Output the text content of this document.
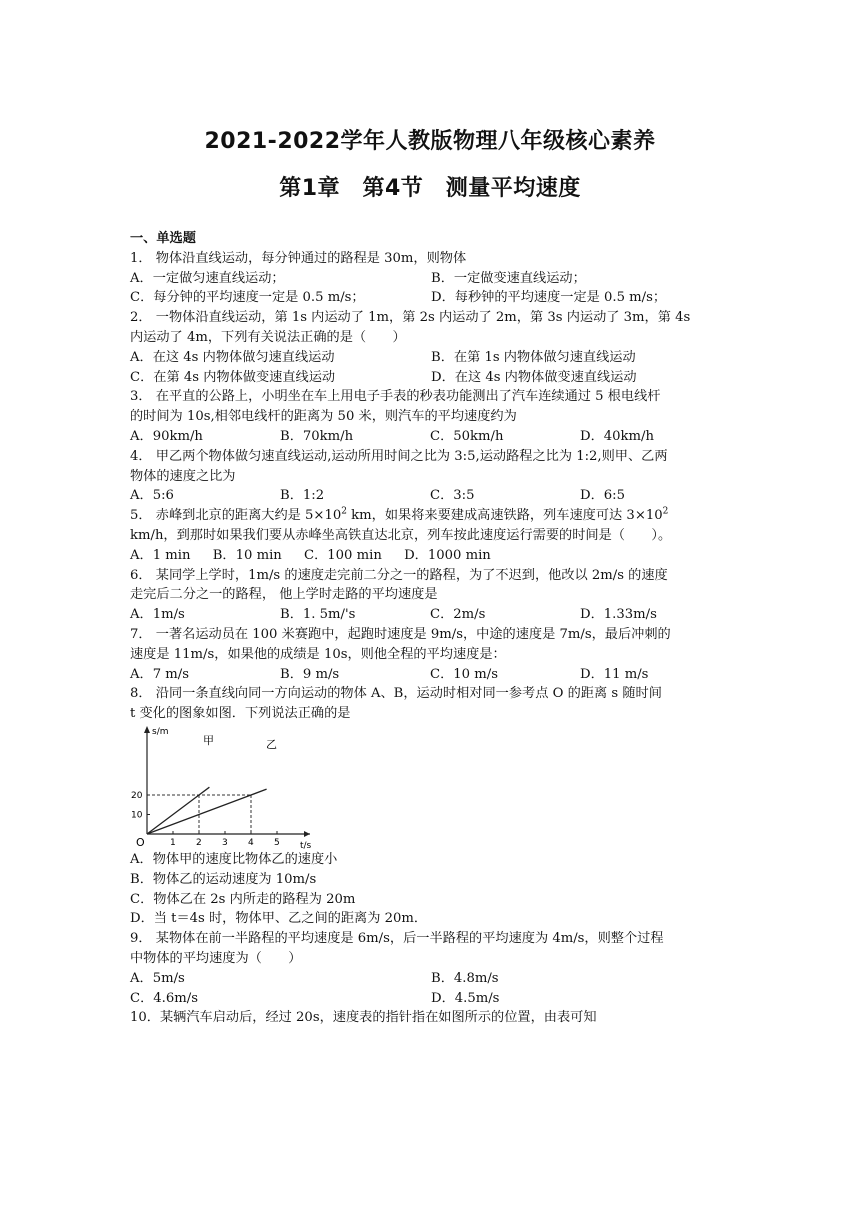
2021-2022学年人教版物理八年级核心素养
第1章　第4节　测量平均速度
一、单选题
1． 物体沿直线运动，每分钟通过的路程是 30m，则物体
A．一定做匀速直线运动；	B．一定做变速直线运动；
C．每分钟的平均速度一定是 0.5 m/s；	D．每秒钟的平均速度一定是 0.5 m/s；
2． 一物体沿直线运动，第 1s 内运动了 1m，第 2s 内运动了 2m，第 3s 内运动了 3m，第 4s
内运动了 4m，下列有关说法正确的是（　　）
A．在这 4s 内物体做匀速直线运动	B．在第 1s 内物体做匀速直线运动
C．在第 4s 内物体做变速直线运动	D．在这 4s 内物体做变速直线运动
3． 在平直的公路上，小明坐在车上用电子手表的秒表功能测出了汽车连续通过 5 根电线杆
的时间为 10s,相邻电线杆的距离为 50 米，则汽车的平均速度约为
A．90km/h	B．70km/h	C．50km/h	D．40km/h
4． 甲乙两个物体做匀速直线运动,运动所用时间之比为 3:5,运动路程之比为 1:2,则甲、乙两
物体的速度之比为
A．5:6	B．1:2	C．3:5	D．6:5
5． 赤峰到北京的距离大约是 $5\times 10^2$ km，如果将来要建成高速铁路，列车速度可达 $3\times 10^2$
km/h，到那时如果我们要从赤峰坐高铁直达北京，列车按此速度运行需要的时间是（　　）。
A．1 min B．10 min C．100 min D．1000 min
6． 某同学上学时，1m/s 的速度走完前二分之一的路程，为了不迟到，他改以 2m/s 的速度
走完后二分之一的路程， 他上学时走路的平均速度是
A．1m/s	B．1. 5m/'s	C．2m/s	D．1.33m/s
7． 一著名运动员在 100 米赛跑中，起跑时速度是 9m/s，中途的速度是 7m/s，最后冲刺的
速度是 11m/s，如果他的成绩是 10s，则他全程的平均速度是：
A．7 m/s	B．9 m/s	C．10 m/s	D．11 m/s
8． 沿同一条直线向同一方向运动的物体 A、B，运动时相对同一参考点 O 的距离 s 随时间
t 变化的图象如图．下列说法正确的是
1 2 3 4 5
10
20
s/m
t/s
O
甲	乙
A．物体甲的速度比物体乙的速度小
B．物体乙的运动速度为 10m/s
C．物体乙在 2s 内所走的路程为 20m
D．当 t＝4s 时，物体甲、乙之间的距离为 20m．
9． 某物体在前一半路程的平均速度是 6m/s，后一半路程的平均速度为 4m/s，则整个过程
中物体的平均速度为（　　）
A．5m/s	B．4.8m/s
C．4.6m/s	D．4.5m/s
10．某辆汽车启动后，经过 20s，速度表的指针指在如图所示的位置，由表可知
